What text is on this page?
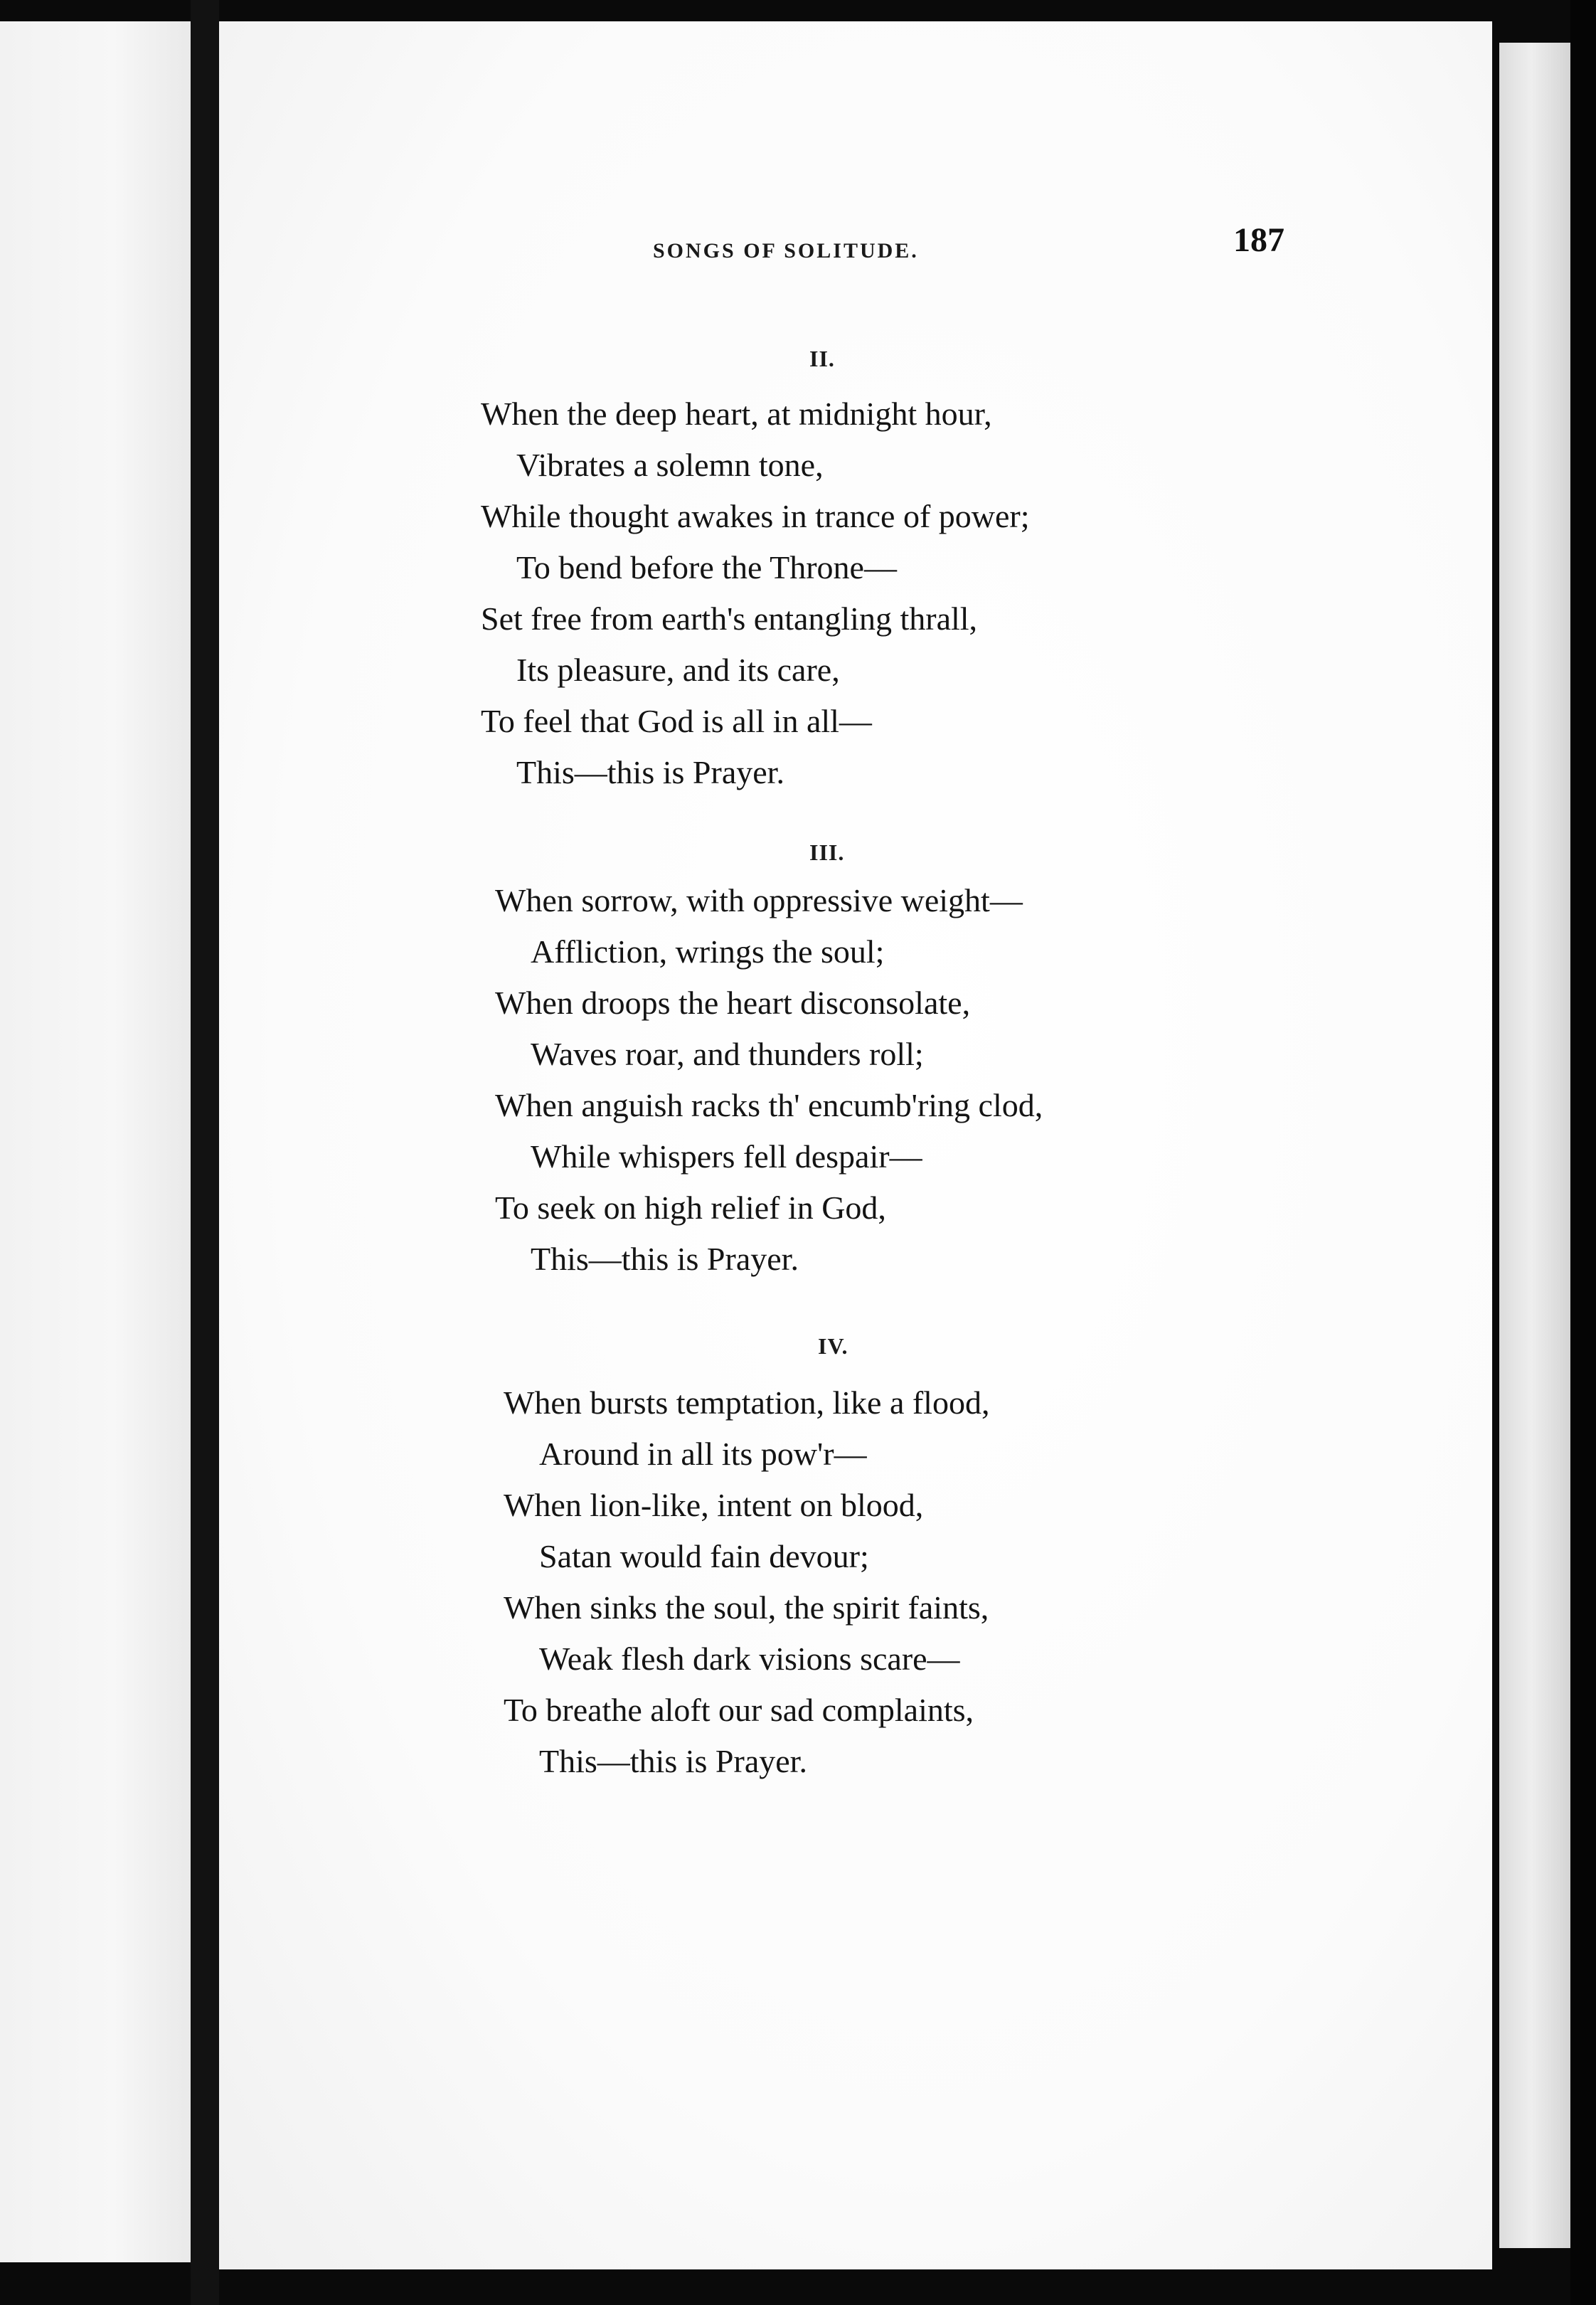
SONGS OF SOLITUDE.	187
II.
When the deep heart, at midnight hour,
Vibrates a solemn tone,
While thought awakes in trance of power;
To bend before the Throne—
Set free from earth's entangling thrall,
Its pleasure, and its care,
To feel that God is all in all—
This—this is Prayer.
III.
When sorrow, with oppressive weight—
Affliction, wrings the soul;
When droops the heart disconsolate,
Waves roar, and thunders roll;
When anguish racks th' encumb'ring clod,
While whispers fell despair—
To seek on high relief in God,
This—this is Prayer.
IV.
When bursts temptation, like a flood,
Around in all its pow'r—
When lion-like, intent on blood,
Satan would fain devour;
When sinks the soul, the spirit faints,
Weak flesh dark visions scare—
To breathe aloft our sad complaints,
This—this is Prayer.
